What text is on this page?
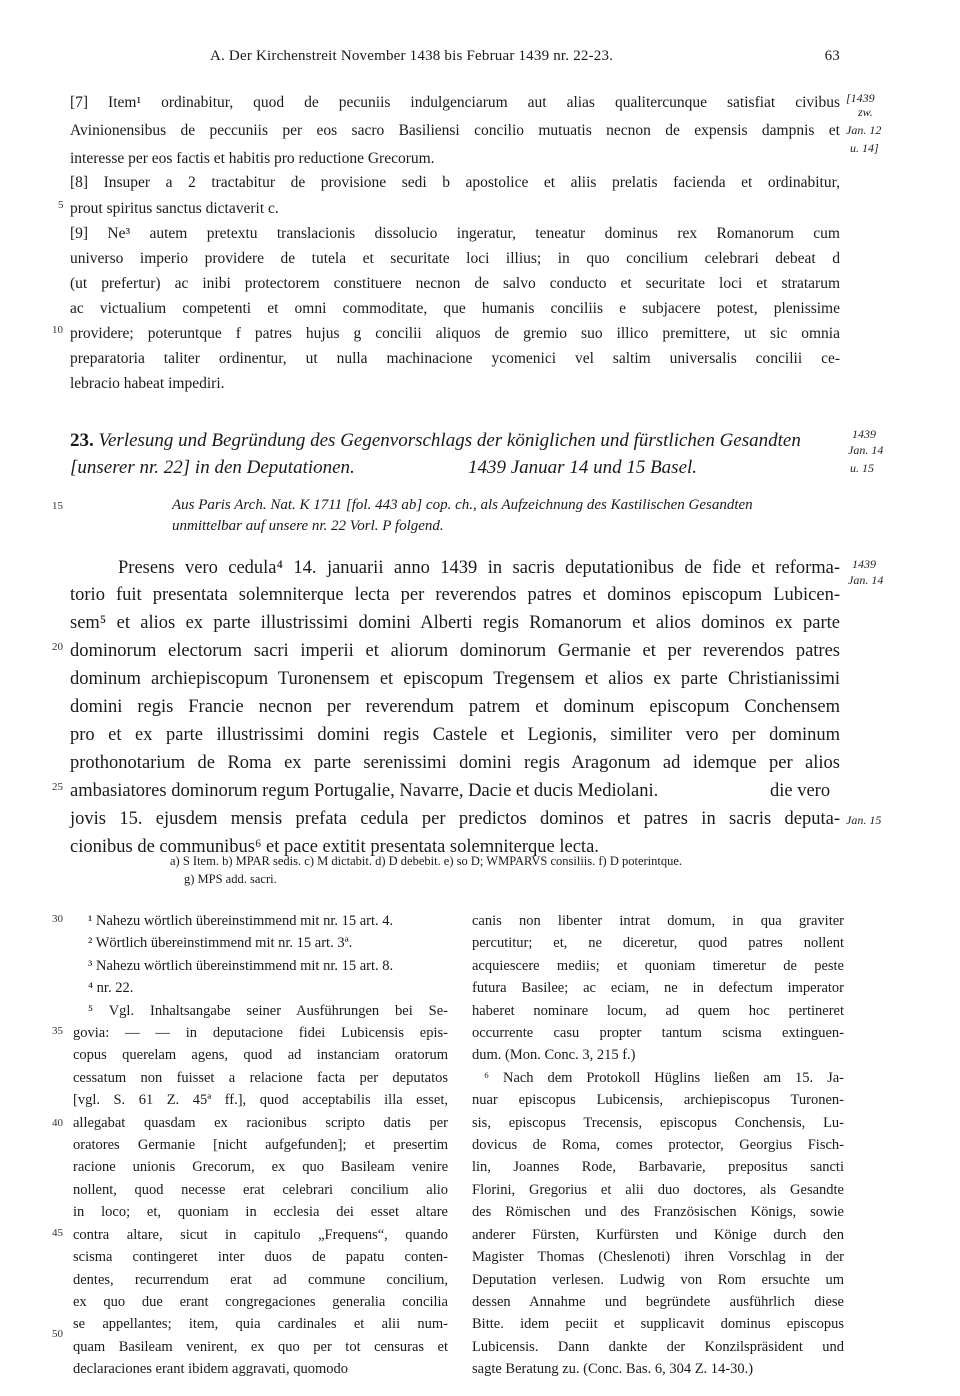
A. Der Kirchenstreit November 1438 bis Februar 1439 nr. 22-23.	63
[7] Item¹ ordinabitur, quod de pecuniis indulgenciarum aut alias qualitercunque satisfiat civibus
Avinionensibus de peccuniis per eos sacro Basiliensi concilio mutuatis necnon de expensis dampnis et
interesse per eos factis et habitis pro reductione Grecorum.
[8] Insuper a 2 tractabitur de provisione sedi b apostolice et aliis prelatis facienda et ordinabitur,
prout spiritus sanctus dictaverit c.
[9] Ne³ autem pretextu translacionis dissolucio ingeratur, teneatur dominus rex Romanorum cum
universo imperio providere de tutela et securitate loci illius; in quo concilium celebrari debeat d
(ut prefertur) ac inibi protectorem constituere necnon de salvo conducto et securitate loci et stratarum
ac victualium competenti et omni commoditate, que humanis conciliis e subjacere potest, plenissime
providere; poteruntque f patres hujus g concilii aliquos de gremio suo illico premittere, ut sic omnia
preparatoria taliter ordinentur, ut nulla machinacione ycomenici vel saltim universalis concilii ce-
lebracio habeat impediri.
[1439
zw.
Jan. 12
u. 14]
23. Verlesung und Begründung des Gegenvorschlags der königlichen und fürstlichen Gesandten
[unserer nr. 22] in den Deputationen.	1439 Januar 14 und 15 Basel.
1439
Jan. 14
u. 15
Aus Paris Arch. Nat. K 1711 [fol. 443 ab] cop. ch., als Aufzeichnung des Kastilischen Gesandten
unmittelbar auf unsere nr. 22 Vorl. P folgend.
Presens vero cedula⁴ 14. januarii anno 1439 in sacris deputationibus de fide et reforma-
torio fuit presentata solemniterque lecta per reverendos patres et dominos episcopum Lubicen-
sem⁵ et alios ex parte illustrissimi domini Alberti regis Romanorum et alios dominos ex parte
dominorum electorum sacri imperii et aliorum dominorum Germanie et per reverendos patres
dominum archiepiscopum Turonensem et episcopum Tregensem et alios ex parte Christianissimi
domini regis Francie necnon per reverendum patrem et dominum episcopum Conchensem
pro et ex parte illustrissimi domini regis Castele et Legionis, similiter vero per dominum
prothonotarium de Roma ex parte serenissimi domini regis Aragonum ad idemque per alios
ambasiatores dominorum regum Portugalie, Navarre, Dacie et ducis Mediolani.	die vero
jovis 15. ejusdem mensis prefata cedula per predictos dominos et patres in sacris deputa-
cionibus de communibus⁶ et pace extitit presentata solemniterque lecta.
1439
Jan. 14
Jan. 15
a) S Item. b) MPAR sedis. c) M dictabit. d) D debebit. e) so D; WMPARVS consiliis. f) D poterintque.
g) MPS add. sacri.
¹ Nahezu wörtlich übereinstimmend mit nr. 15 art. 4.
² Wörtlich übereinstimmend mit nr. 15 art. 3ª.
³ Nahezu wörtlich übereinstimmend mit nr. 15 art. 8.
⁴ nr. 22.
⁵ Vgl. Inhaltsangabe seiner Ausführungen bei Se-
govia: — — in deputacione fidei Lubicensis epis-
copus querelam agens, quod ad instanciam oratorum
cessatum non fuisset a relacione facta per deputatos
[vgl. S. 61 Z. 45ª ff.], quod acceptabilis illa esset,
allegabat quasdam ex racionibus scripto datis per
oratores Germanie [nicht aufgefunden]; et presertim
racione unionis Grecorum, ex quo Basileam venire
nollent, quod necesse erat celebrari concilium alio
in loco; et, quoniam in ecclesia dei esset altare
contra altare, sicut in capitulo „Frequens“, quando
scisma contingeret inter duos de papatu conten-
dentes, recurrendum erat ad commune concilium,
ex quo due erant congregaciones generalia concilia
se appellantes; item, quia cardinales et alii num-
quam Basileam venirent, ex quo per tot censuras et
declaraciones erant ibidem aggravati, quomodo
canis non libenter intrat domum, in qua graviter
percutitur; et, ne diceretur, quod patres nollent
acquiescere mediis; et quoniam timeretur de peste
futura Basilee; ac eciam, ne in defectum imperator
haberet nominare locum, ad quem hoc pertineret
occurrente casu propter tantum scisma extinguen-
dum. (Mon. Conc. 3, 215 f.)
⁶ Nach dem Protokoll Hüglins ließen am 15. Ja-
nuar episcopus Lubicensis, archiepiscopus Turonen-
sis, episcopus Trecensis, episcopus Conchensis, Lu-
dovicus de Roma, comes protector, Georgius Fisch-
lin, Joannes Rode, Barbavarie, prepositus sancti
Florini, Gregorius et alii duo doctores, als Gesandte
des Römischen und des Französischen Königs, sowie
anderer Fürsten, Kurfürsten und Könige durch den
Magister Thomas (Cheslenoti) ihren Vorschlag in der
Deputation verlesen. Ludwig von Rom ersuchte um
dessen Annahme und begründete ausführlich diese
Bitte. idem peciit et supplicavit dominus episcopus
Lubicensis. Dann dankte der Konzilspräsident und
sagte Beratung zu. (Conc. Bas. 6, 304 Z. 14-30.)
5
10
15
20
25
30
35
40
45
50
